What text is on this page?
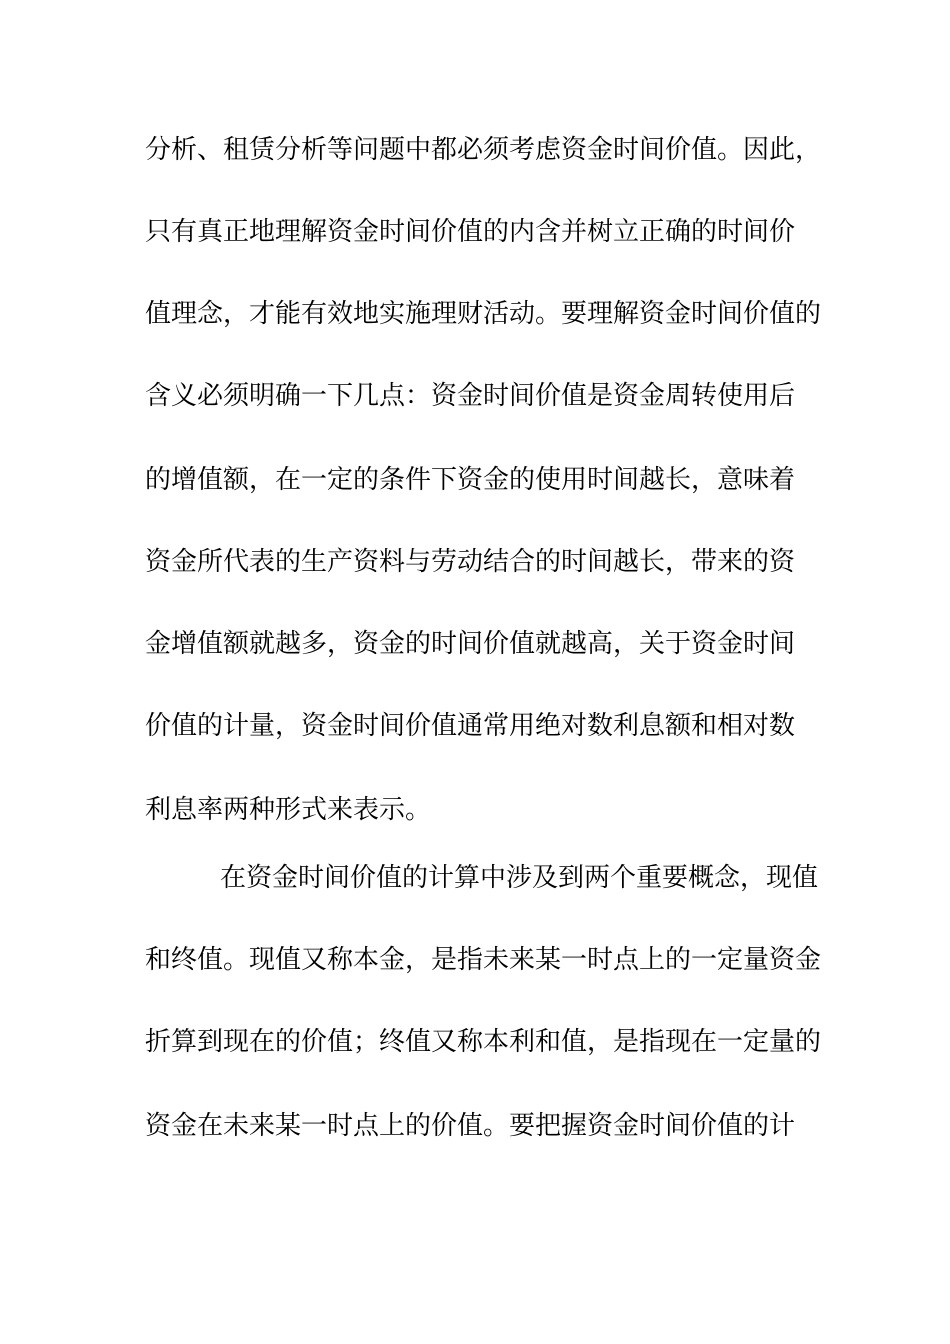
分析、租赁分析等问题中都必须考虑资金时间价值。因此，
只有真正地理解资金时间价值的内含并树立正确的时间价
值理念，才能有效地实施理财活动。要理解资金时间价值的
含义必须明确一下几点：资金时间价值是资金周转使用后
的增值额，在一定的条件下资金的使用时间越长，意味着
资金所代表的生产资料与劳动结合的时间越长，带来的资
金增值额就越多，资金的时间价值就越高，关于资金时间
价值的计量，资金时间价值通常用绝对数利息额和相对数
利息率两种形式来表示。
在资金时间价值的计算中涉及到两个重要概念，现值
和终值。现值又称本金，是指未来某一时点上的一定量资金
折算到现在的价值；终值又称本利和值，是指现在一定量的
资金在未来某一时点上的价值。要把握资金时间价值的计
